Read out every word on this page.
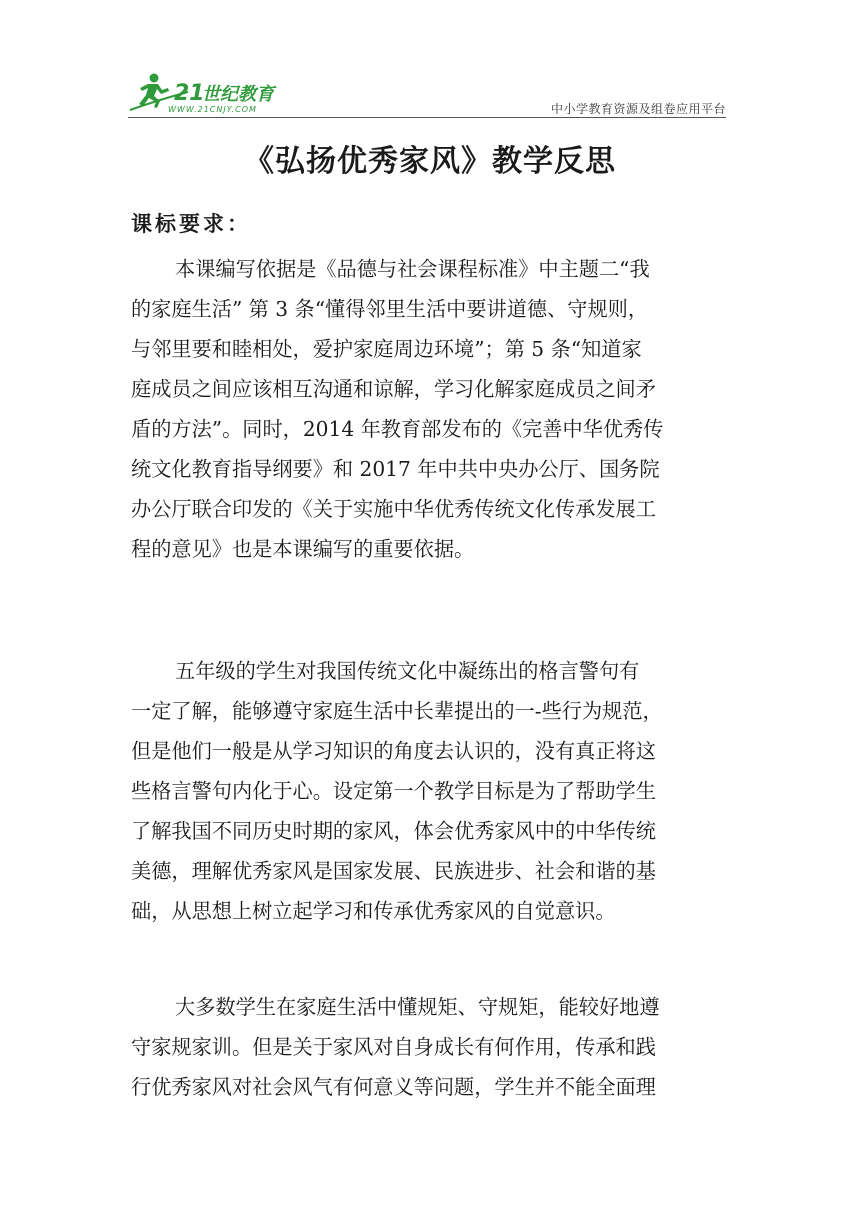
21
世纪教育
WWW.21CNJY.COM	中小学教育资源及组卷应用平台
《弘扬优秀家风》教学反思
课标要求：
本课编写依据是《品德与社会课程标准》中主题二“我
的家庭生活” 第 3 条“懂得邻里生活中要讲道德、守规则，
与邻里要和睦相处，爱护家庭周边环境”；第 5 条“知道家
庭成员之间应该相互沟通和谅解，学习化解家庭成员之间矛
盾的方法”。同时，2014 年教育部发布的《完善中华优秀传
统文化教育指导纲要》和 2017 年中共中央办公厅、国务院
办公厅联合印发的《关于实施中华优秀传统文化传承发展工
程的意见》也是本课编写的重要依据。
五年级的学生对我国传统文化中凝练出的格言警句有
一定了解，能够遵守家庭生活中长辈提出的一-些行为规范，
但是他们一般是从学习知识的角度去认识的，没有真正将这
些格言警句内化于心。设定第一个教学目标是为了帮助学生
了解我国不同历史时期的家风，体会优秀家风中的中华传统
美德，理解优秀家风是国家发展、民族进步、社会和谐的基
础，从思想上树立起学习和传承优秀家风的自觉意识。
大多数学生在家庭生活中懂规矩、守规矩，能较好地遵
守家规家训。但是关于家风对自身成长有何作用，传承和践
行优秀家风对社会风气有何意义等问题，学生并不能全面理
